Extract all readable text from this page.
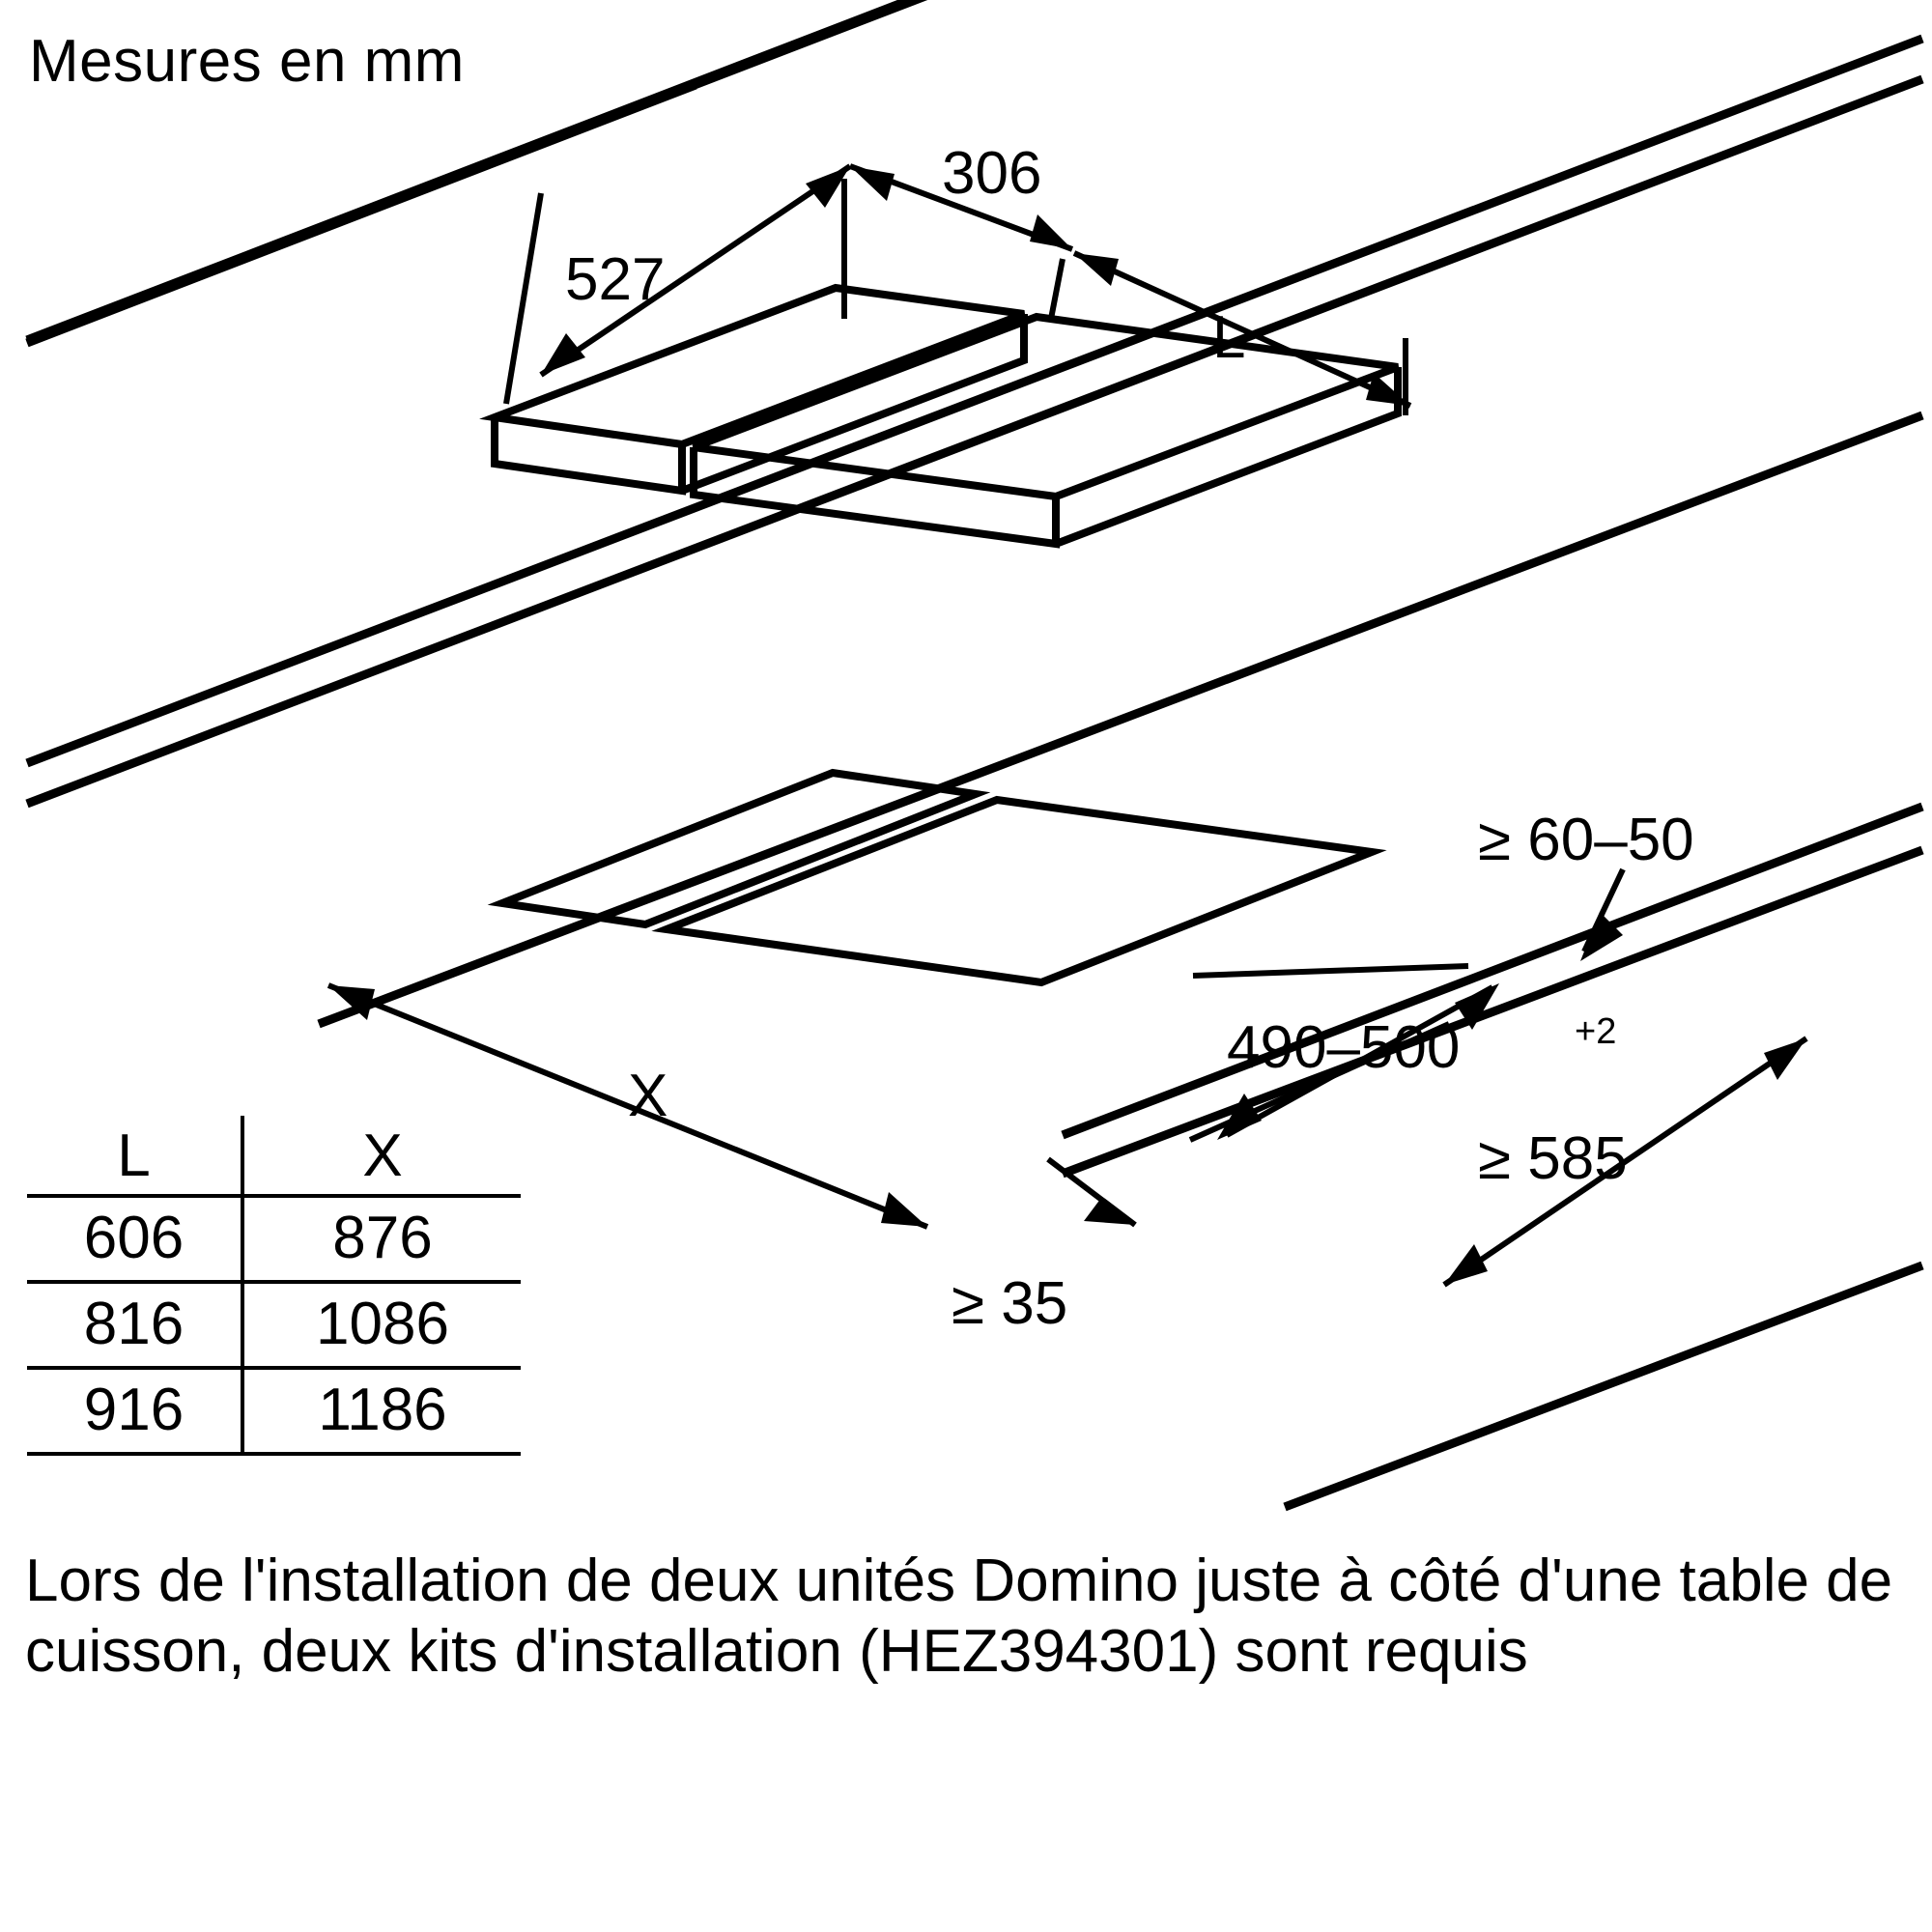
Mesures en mm
527
306
L
X
490–500	+2
≥ 60–50
≥ 585
≥ 35
L	X
606	876
816	1086
916	1186
Lors de l'installation de deux unités Domino juste à côté d'une table de cuisson, deux kits d'installation (HEZ394301) sont requis
